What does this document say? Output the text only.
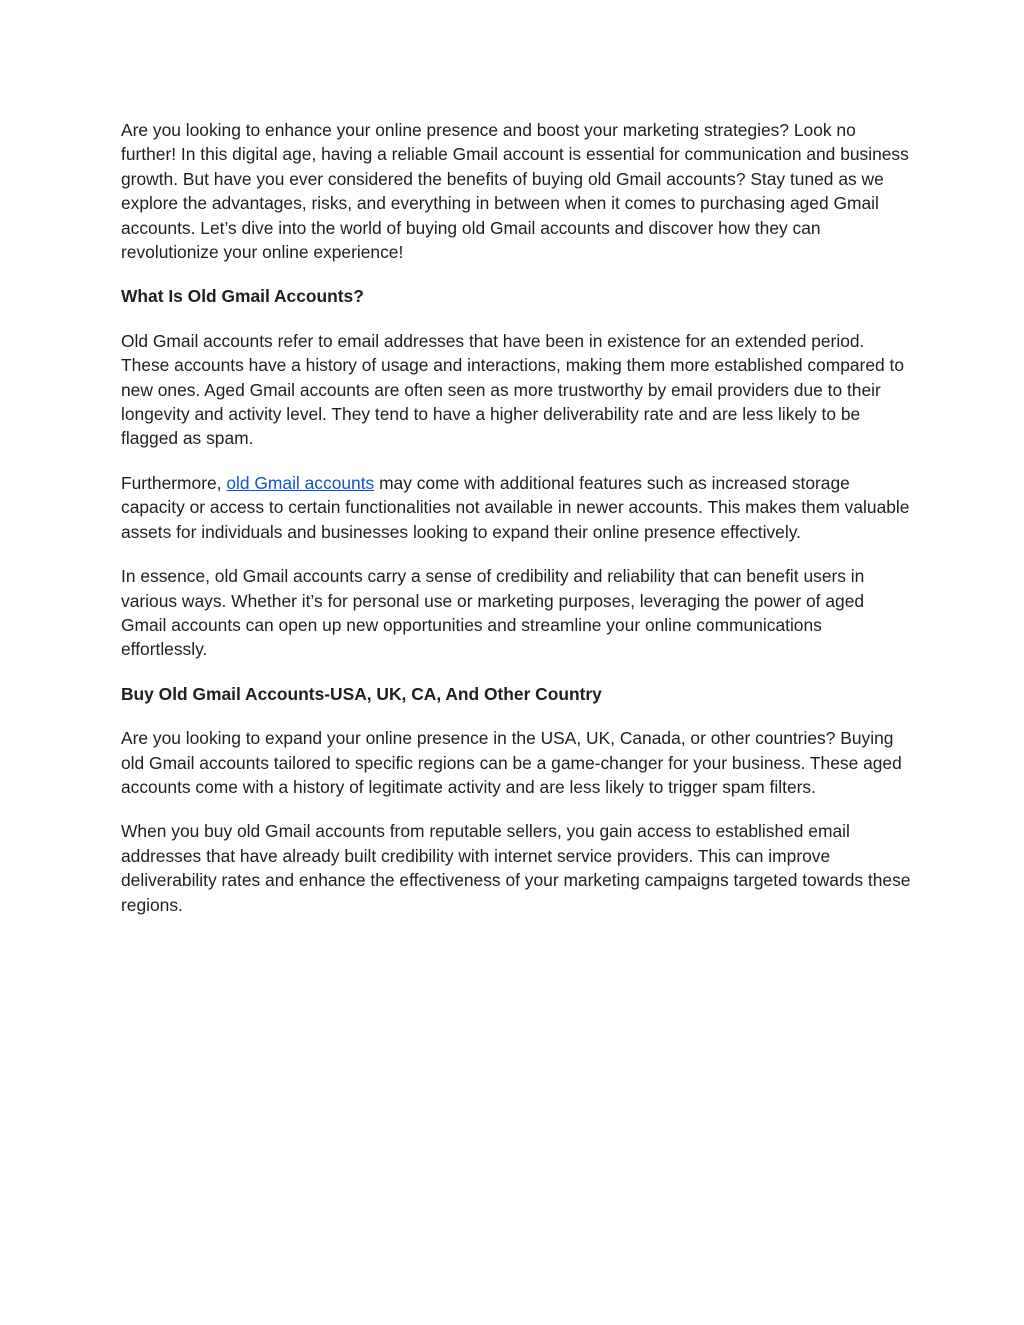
Are you looking to enhance your online presence and boost your marketing strategies? Look no further! In this digital age, having a reliable Gmail account is essential for communication and business growth. But have you ever considered the benefits of buying old Gmail accounts? Stay tuned as we explore the advantages, risks, and everything in between when it comes to purchasing aged Gmail accounts. Let’s dive into the world of buying old Gmail accounts and discover how they can revolutionize your online experience!

What Is Old Gmail Accounts?

Old Gmail accounts refer to email addresses that have been in existence for an extended period. These accounts have a history of usage and interactions, making them more established compared to new ones. Aged Gmail accounts are often seen as more trustworthy by email providers due to their longevity and activity level. They tend to have a higher deliverability rate and are less likely to be flagged as spam.

Furthermore, old Gmail accounts may come with additional features such as increased storage capacity or access to certain functionalities not available in newer accounts. This makes them valuable assets for individuals and businesses looking to expand their online presence effectively.

In essence, old Gmail accounts carry a sense of credibility and reliability that can benefit users in various ways. Whether it’s for personal use or marketing purposes, leveraging the power of aged Gmail accounts can open up new opportunities and streamline your online communications effortlessly.

Buy Old Gmail Accounts-USA, UK, CA, And Other Country

Are you looking to expand your online presence in the USA, UK, Canada, or other countries? Buying old Gmail accounts tailored to specific regions can be a game-changer for your business. These aged accounts come with a history of legitimate activity and are less likely to trigger spam filters.

When you buy old Gmail accounts from reputable sellers, you gain access to established email addresses that have already built credibility with internet service providers. This can improve deliverability rates and enhance the effectiveness of your marketing campaigns targeted towards these regions.
